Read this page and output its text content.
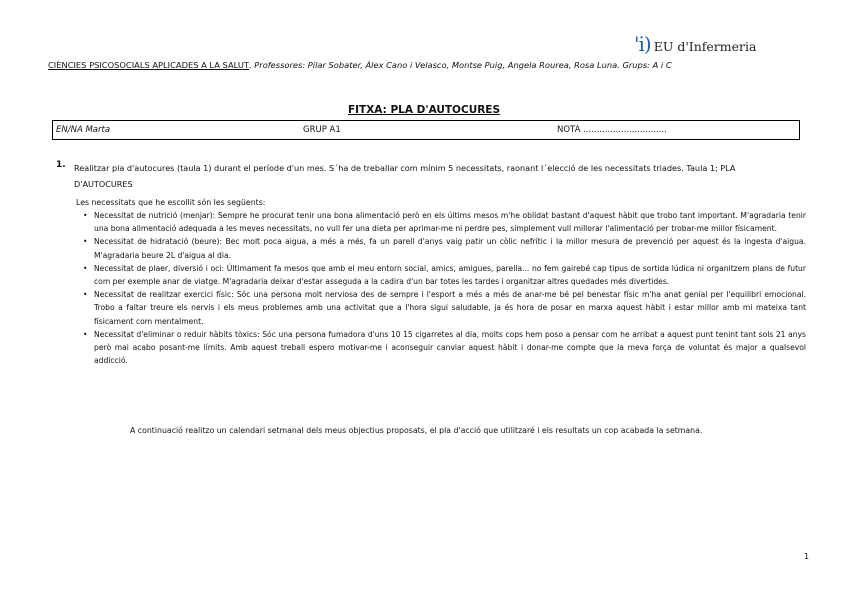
'i) EU d'Infermeria
CIÈNCIES PSICOSOCIALS APLICADES A LA SALUT. Professores: Pilar Sobater, Àlex Cano i Velasco, Montse Puig, Angela Rourea, Rosa Luna. Grups: A i C
FITXA: PLA D'AUTOCURES
EN/NA Marta	GRUP A1	NOTA ...............................
1. Realitzar pla d'autocures (taula 1) durant el període d'un mes. S´ha de treballar com mínim 5 necessitats, raonant l´elecció de les necessitats triades. Taula 1; PLA D'AUTOCURES
Les necessitats que he escollit són les següents:
• Necessitat de nutrició (menjar): Sempre he procurat tenir una bona alimentació però en els últims mesos m'he oblidat bastant d'aquest hàbit que trobo tant important. M'agradaria tenir una bona alimentació adequada a les meves necessitats, no vull fer una dieta per aprimar-me ni perdre pes, simplement vull millorar l'alimentació per trobar-me millor físicament.
• Necessitat de hidratació (beure): Bec molt poca aigua, a més a més, fa un parell d'anys vaig patir un còlic nefrític i la millor mesura de prevenció per aquest és la ingesta d'aigua. M'agradaria beure 2L d'aigua al dia.
• Necessitat de plaer, diversió i oci: Últimament fa mesos que amb el meu entorn social, amics, amigues, parella... no fem gairebé cap tipus de sortida lúdica ni organitzem plans de futur com per exemple anar de viatge. M'agradaria deixar d'estar asseguda a la cadira d'un bar totes les tardes i organitzar altres quedades més divertides.
• Necessitat de realitzar exercici físic: Sóc una persona molt nerviosa des de sempre i l'esport a més a més de anar-me bé pel benestar físic m'ha anat genial per l'equilibri emocional. Trobo a faltar treure els nervis i els meus problemes amb una activitat que a l'hora sigui saludable, ja és hora de posar en marxa aquest hàbit i estar millor amb mi mateixa tant físicament com mentalment.
• Necessitat d'eliminar o reduir hàbits tòxics: Sóc una persona fumadora d'uns 10 15 cigarretes al dia, molts cops hem poso a pensar com he arribat a aquest punt tenint tant sols 21 anys però mai acabo posant-me límits. Amb aquest treball espero motivar-me i aconseguir canviar aquest hàbit i donar-me compte que la meva força de voluntat és major a qualsevol addicció.
A continuació realitzo un calendari setmanal dels meus objectius proposats, el pla d'acció que utilitzaré i els resultats un cop acabada la setmana.
1
